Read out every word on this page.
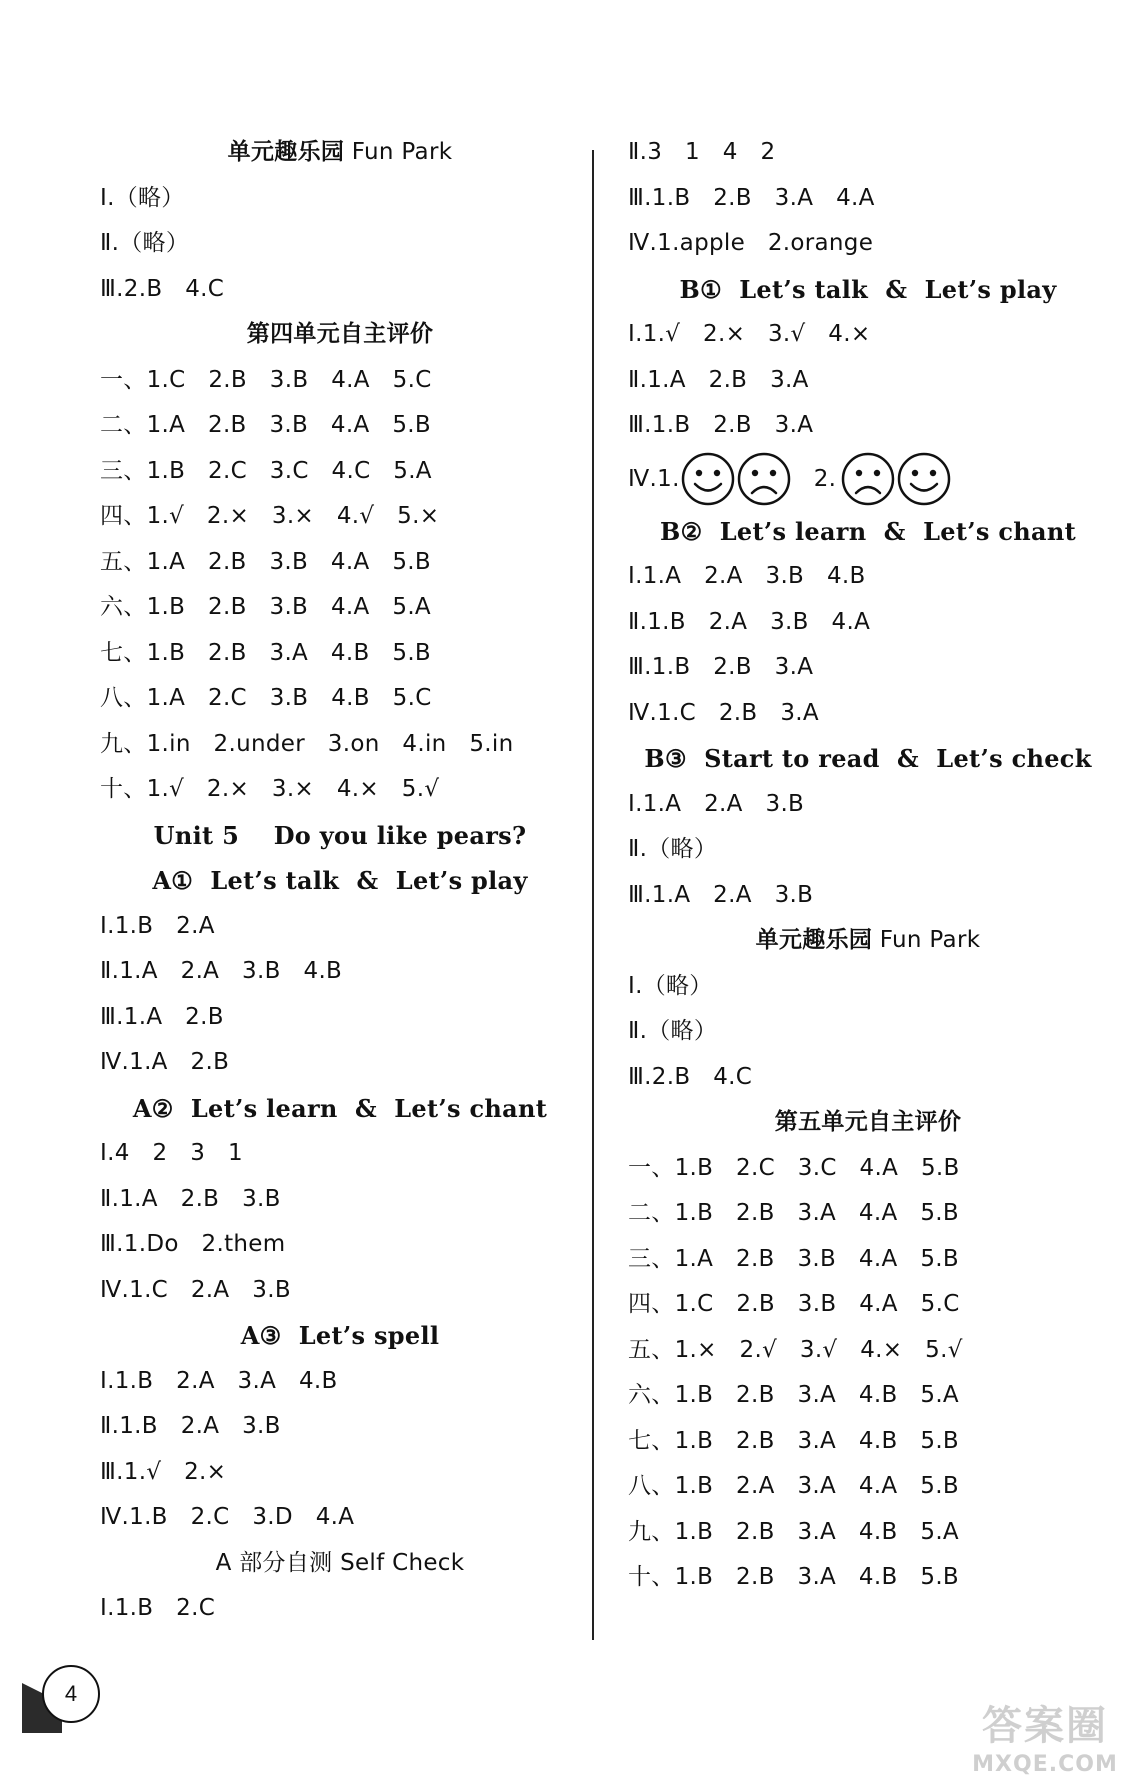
单元趣乐园 Fun Park
Ⅰ.（略）
Ⅱ.（略）
Ⅲ.2.B   4.C
第四单元自主评价
一、1.C   2.B   3.B   4.A   5.C
二、1.A   2.B   3.B   4.A   5.B
三、1.B   2.C   3.C   4.C   5.A
四、1.√   2.×   3.×   4.√   5.×
五、1.A   2.B   3.B   4.A   5.B
六、1.B   2.B   3.B   4.A   5.A
七、1.B   2.B   3.A   4.B   5.B
八、1.A   2.C   3.B   4.B   5.C
九、1.in   2.under   3.on   4.in   5.in
十、1.√   2.×   3.×   4.×   5.√
Unit 5    Do you like pears?
A①  Let’s talk  &  Let’s play
Ⅰ.1.B   2.A
Ⅱ.1.A   2.A   3.B   4.B
Ⅲ.1.A   2.B
Ⅳ.1.A   2.B
A②  Let’s learn  &  Let’s chant
Ⅰ.4   2   3   1
Ⅱ.1.A   2.B   3.B
Ⅲ.1.Do   2.them
Ⅳ.1.C   2.A   3.B
A③  Let’s spell
Ⅰ.1.B   2.A   3.A   4.B
Ⅱ.1.B   2.A   3.B
Ⅲ.1.√   2.×
Ⅳ.1.B   2.C   3.D   4.A
A 部分自测 Self Check
Ⅰ.1.B   2.C
Ⅱ.3   1   4   2
Ⅲ.1.B   2.B   3.A   4.A
Ⅳ.1.apple   2.orange
B①  Let’s talk  &  Let’s play
Ⅰ.1.√   2.×   3.√   4.×
Ⅱ.1.A   2.B   3.A
Ⅲ.1.B   2.B   3.A
Ⅳ.1.	2.
B②  Let’s learn  &  Let’s chant
Ⅰ.1.A   2.A   3.B   4.B
Ⅱ.1.B   2.A   3.B   4.A
Ⅲ.1.B   2.B   3.A
Ⅳ.1.C   2.B   3.A
B③  Start to read  &  Let’s check
Ⅰ.1.A   2.A   3.B
Ⅱ.（略）
Ⅲ.1.A   2.A   3.B
单元趣乐园 Fun Park
Ⅰ.（略）
Ⅱ.（略）
Ⅲ.2.B   4.C
第五单元自主评价
一、1.B   2.C   3.C   4.A   5.B
二、1.B   2.B   3.A   4.A   5.B
三、1.A   2.B   3.B   4.A   5.B
四、1.C   2.B   3.B   4.A   5.C
五、1.×   2.√   3.√   4.×   5.√
六、1.B   2.B   3.A   4.B   5.A
七、1.B   2.B   3.A   4.B   5.B
八、1.B   2.A   3.A   4.A   5.B
九、1.B   2.B   3.A   4.B   5.A
十、1.B   2.B   3.A   4.B   5.B
4
答案圈
MXQE.COM
